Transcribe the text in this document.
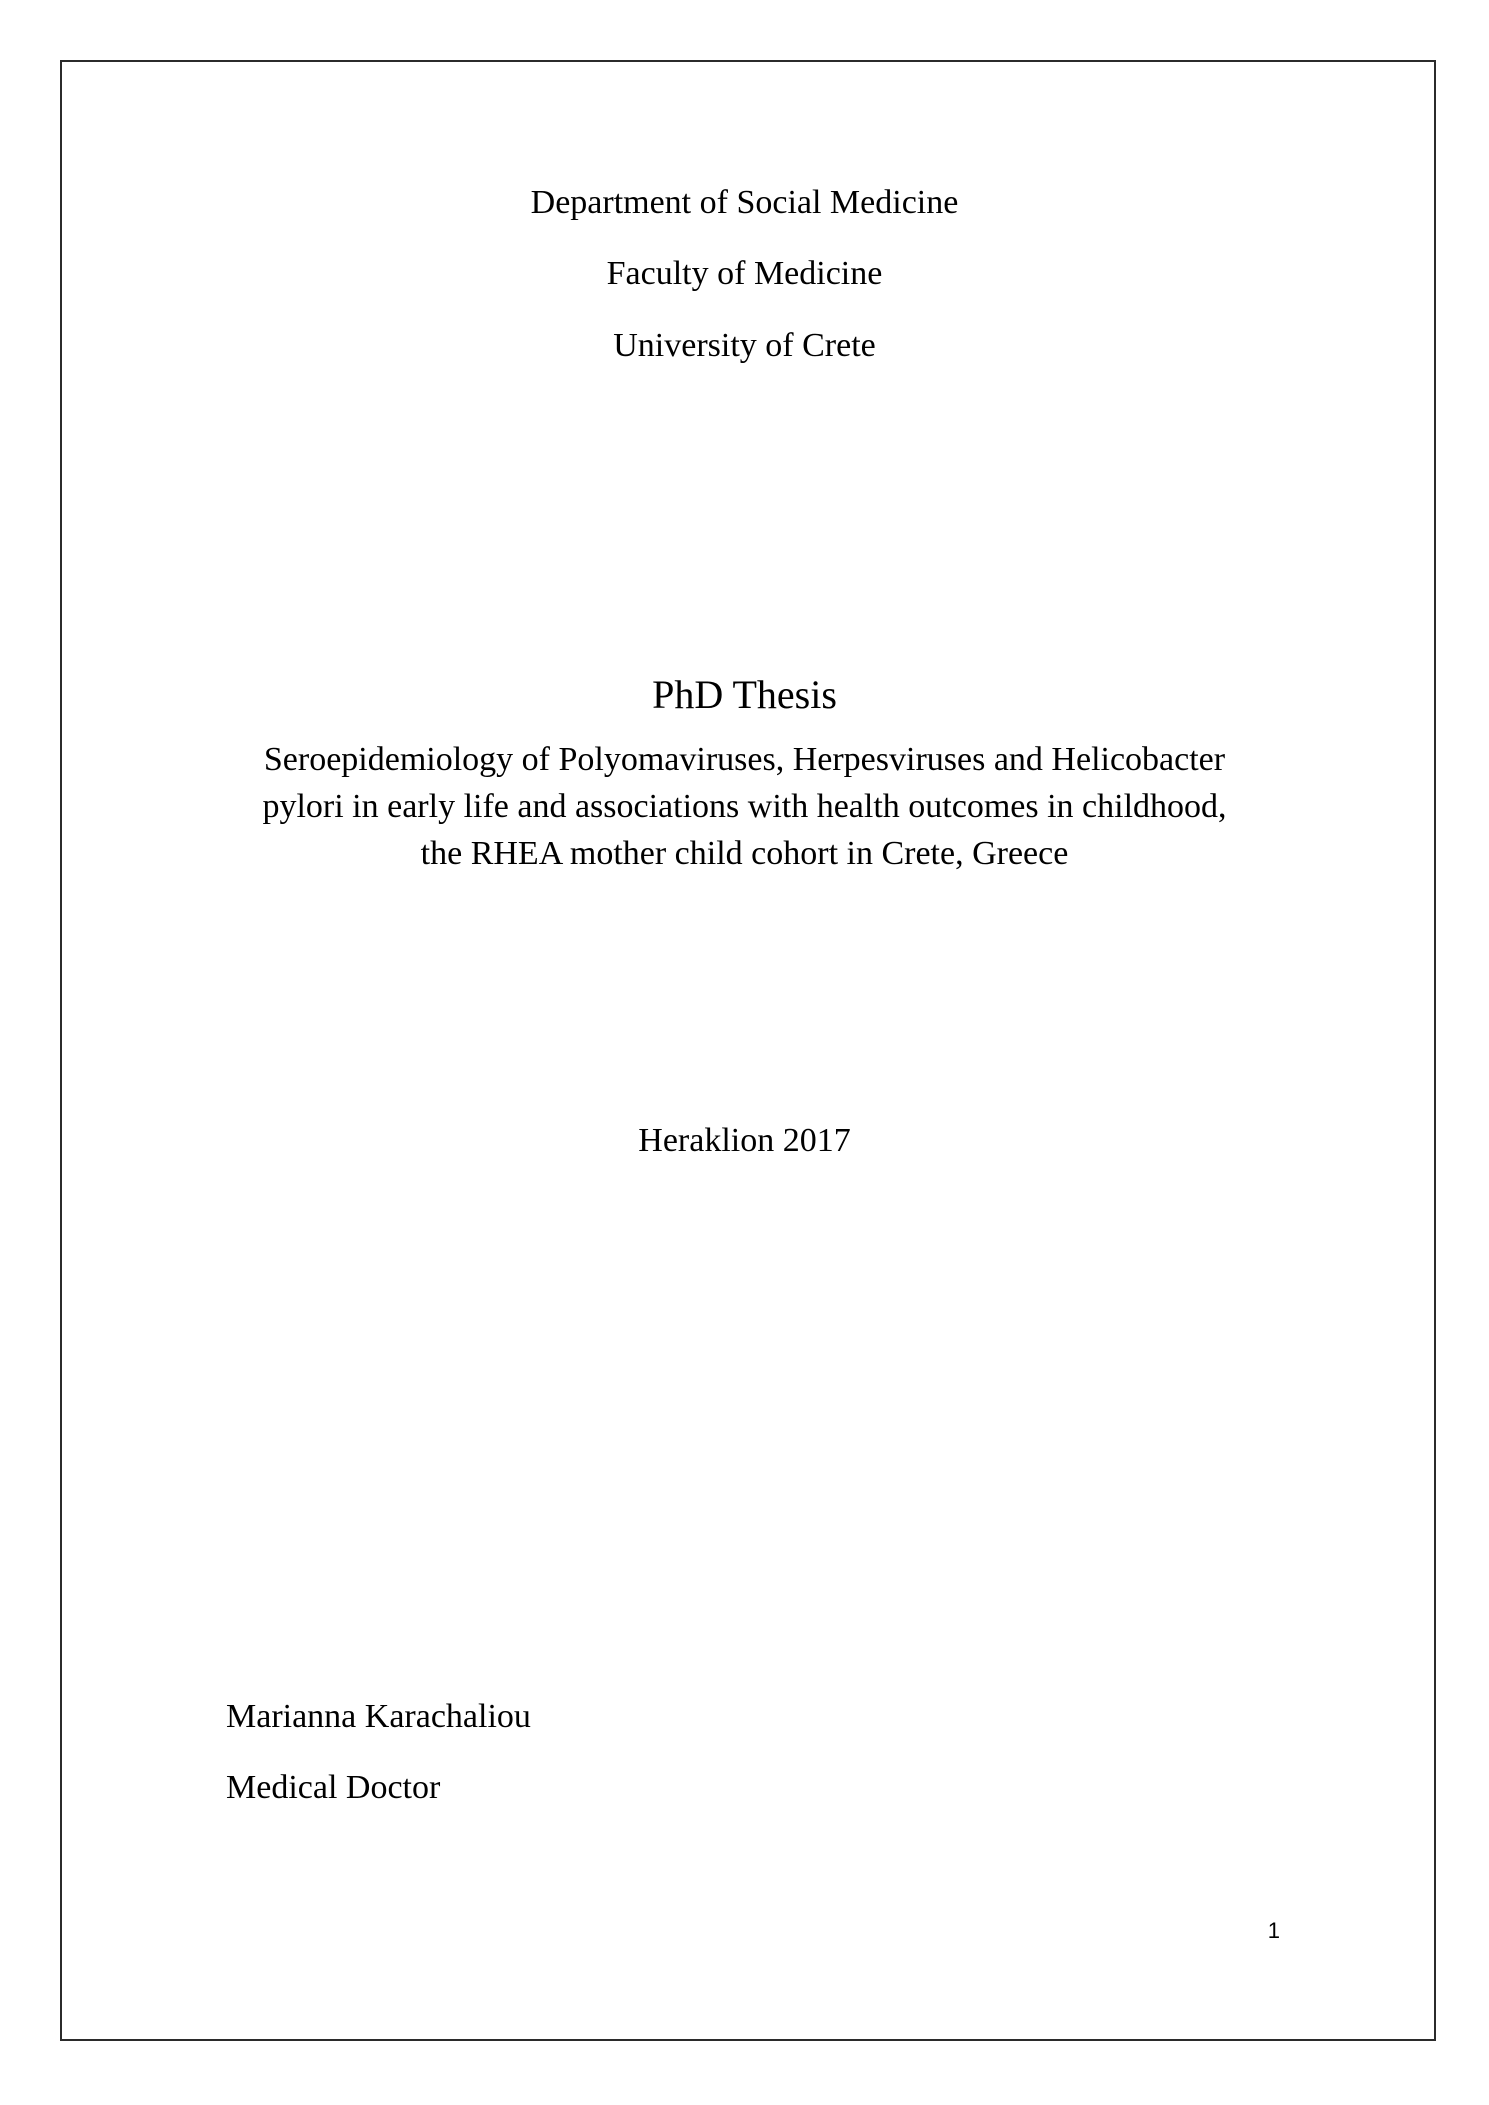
Department of Social Medicine
Faculty of Medicine
University of Crete
PhD Thesis
Seroepidemiology of Polyomaviruses, Herpesviruses and Helicobacter
pylori in early life and associations with health outcomes in childhood,
the RHEA mother child cohort in Crete, Greece
Heraklion 2017
Marianna Karachaliou
Medical Doctor
1
